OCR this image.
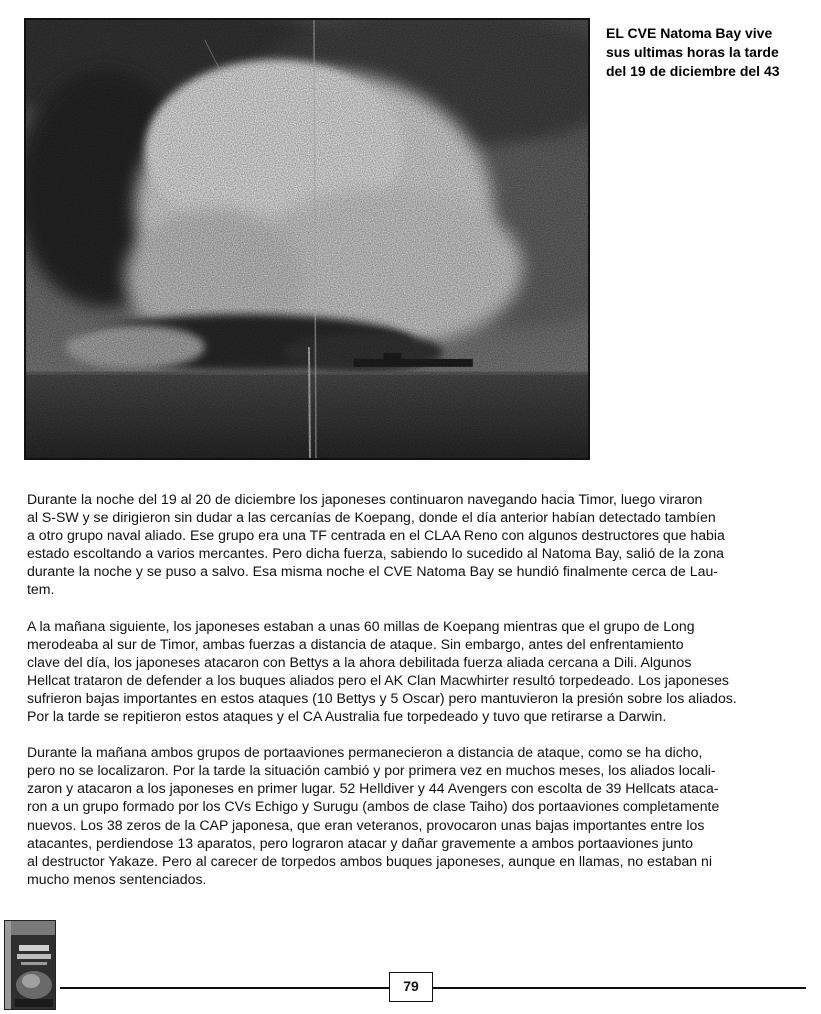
EL CVE Natoma Bay vive
sus ultimas horas la tarde
del 19 de diciembre del 43

Durante la noche del 19 al 20 de diciembre los japoneses continuaron navegando hacia Timor, luego viraron
al S-SW y se dirigieron sin dudar a las cercanías de Koepang, donde el día anterior habían detectado tambíen
a otro grupo naval aliado. Ese grupo era una TF centrada en el CLAA Reno con algunos destructores que habia
estado escoltando a varios mercantes. Pero dicha fuerza, sabiendo lo sucedido al Natoma Bay, salió de la zona
durante la noche y se puso a salvo. Esa misma noche el CVE Natoma Bay se hundió finalmente cerca de Lau-
tem.

A la mañana siguiente, los japoneses estaban a unas 60 millas de Koepang mientras que el grupo de Long
merodeaba al sur de Timor, ambas fuerzas a distancia de ataque. Sin embargo, antes del enfrentamiento
clave del día, los japoneses atacaron con Bettys a la ahora debilitada fuerza aliada cercana a Dili. Algunos
Hellcat trataron de defender a los buques aliados pero el AK Clan Macwhirter resultó torpedeado. Los japoneses
sufrieron bajas importantes en estos ataques (10 Bettys y 5 Oscar) pero mantuvieron la presión sobre los aliados.
Por la tarde se repitieron estos ataques y el CA Australia fue torpedeado y tuvo que retirarse a Darwin.

Durante la mañana ambos grupos de portaaviones permanecieron a distancia de ataque, como se ha dicho,
pero no se localizaron. Por la tarde la situación cambió y por primera vez en muchos meses, los aliados locali-
zaron y atacaron a los japoneses en primer lugar. 52 Helldiver y 44 Avengers con escolta de 39 Hellcats ataca-
ron a un grupo formado por los CVs Echigo y Surugu (ambos de clase Taiho) dos portaaviones completamente
nuevos. Los 38 zeros de la CAP japonesa, que eran veteranos, provocaron unas bajas importantes entre los
atacantes, perdiendose 13 aparatos, pero lograron atacar y dañar gravemente a ambos portaaviones junto
al destructor Yakaze. Pero al carecer de torpedos ambos buques japoneses, aunque en llamas, no estaban ni
mucho menos sentenciados.

79
